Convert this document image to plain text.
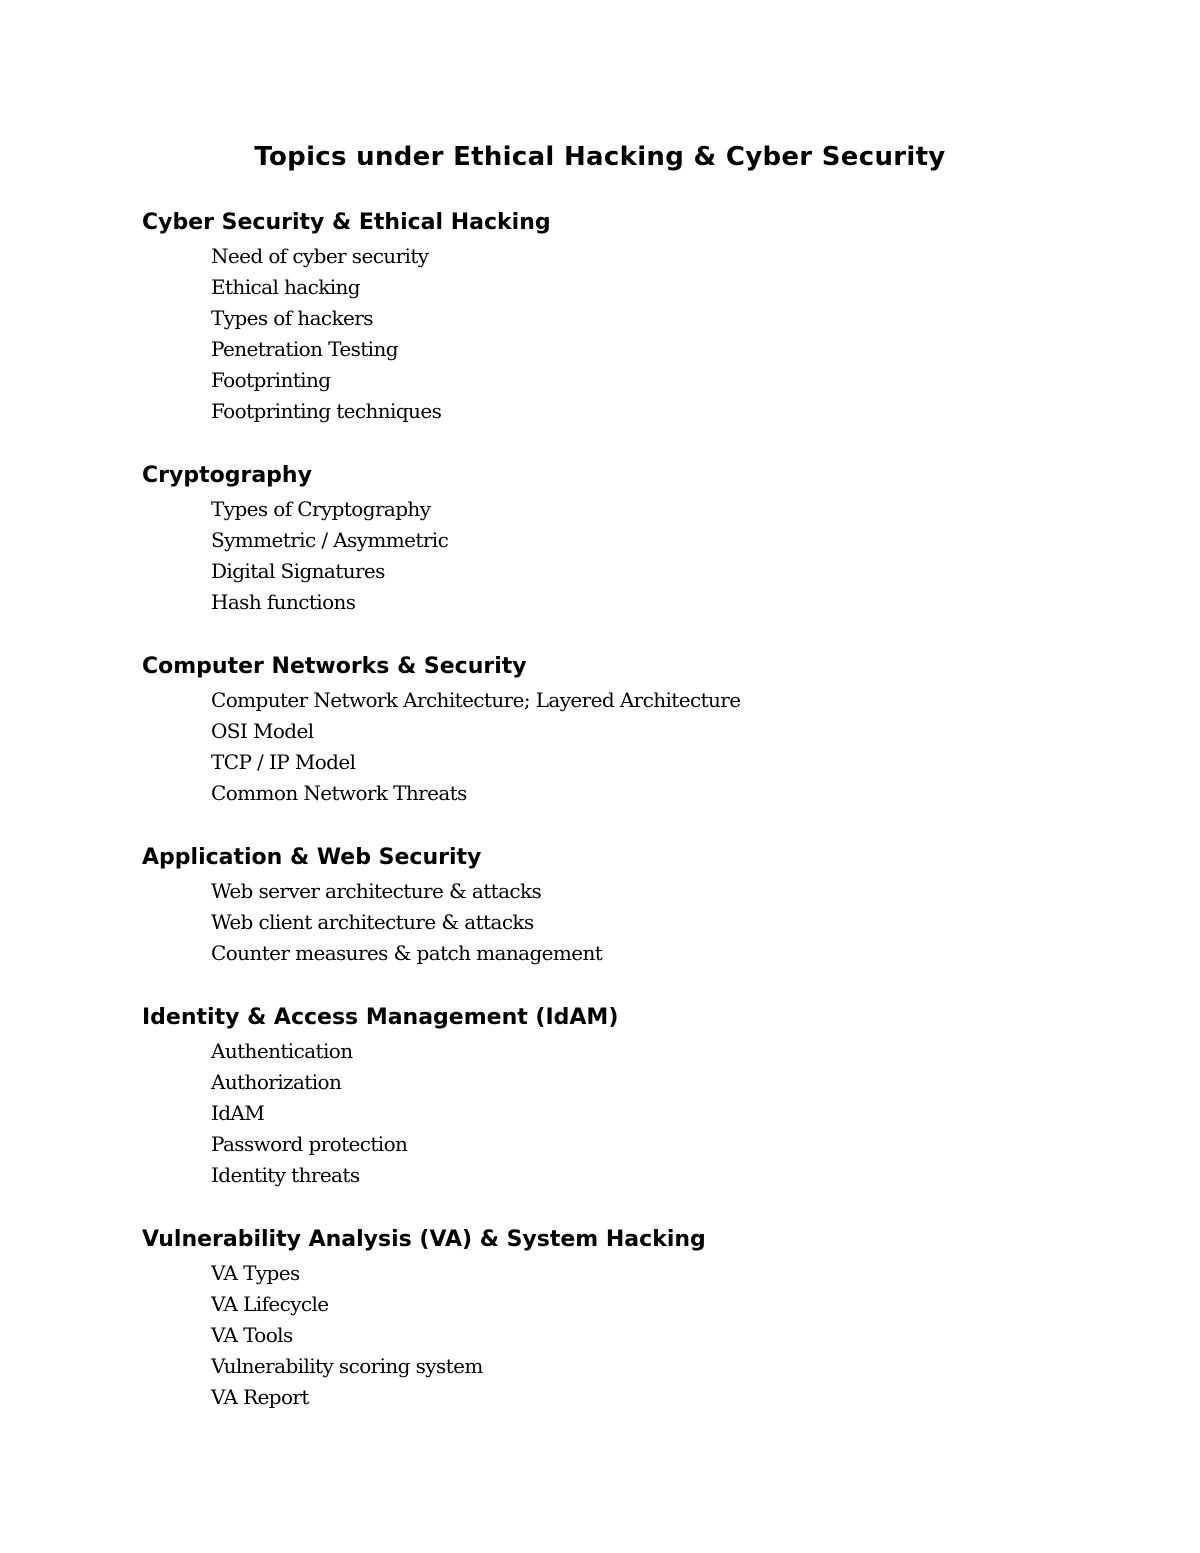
Topics under Ethical Hacking & Cyber Security
Cyber Security & Ethical Hacking
Need of cyber security
Ethical hacking
Types of hackers
Penetration Testing
Footprinting
Footprinting techniques
Cryptography
Types of Cryptography
Symmetric / Asymmetric
Digital Signatures
Hash functions
Computer Networks & Security
Computer Network Architecture; Layered Architecture
OSI Model
TCP / IP Model
Common Network Threats
Application & Web Security
Web server architecture & attacks
Web client architecture & attacks
Counter measures & patch management
Identity & Access Management (IdAM)
Authentication
Authorization
IdAM
Password protection
Identity threats
Vulnerability Analysis (VA) & System Hacking
VA Types
VA Lifecycle
VA Tools
Vulnerability scoring system
VA Report
